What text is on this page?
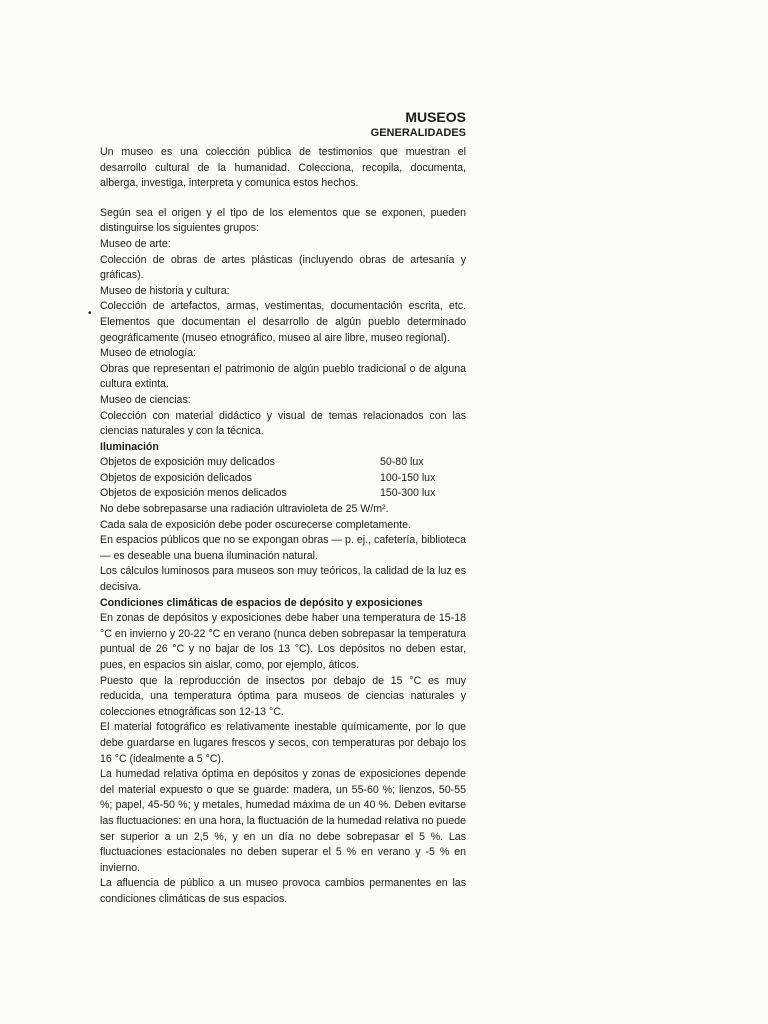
•

MUSEOS

GENERALIDADES

Un museo es una colección pública de testimonios que muestran el desarrollo cultural de la humanidad. Colecciona, recopila, documenta, alberga, investiga, interpreta y comunica estos hechos.

Según sea el origen y el tipo de los elementos que se exponen, pueden distinguirse los siguientes grupos:

Museo de arte:

Colección de obras de artes plásticas (incluyendo obras de artesanía y gráficas).

Museo de historia y cultura:

Colección de artefactos, armas, vestimentas, documentación escrita, etc. Elementos que documentan el desarrollo de algún pueblo determinado geográficamente (museo etnográfico, museo al aire libre, museo regional).

Museo de etnología:

Obras que representan el patrimonio de algún pueblo tradicional o de alguna cultura extinta.

Museo de ciencias:

Colección con material didáctico y visual de temas relacionados con las ciencias naturales y con la técnica.

Iluminación

Objetos de exposición muy delicados	50-80 lux
Objetos de exposición delicados	100-150 lux
Objetos de exposición menos delicados	150-300 lux

No debe sobrepasarse una radiación ultravioleta de 25 W/m².

Cada sala de exposición debe poder oscurecerse completamente.

En espacios públicos que no se expongan obras — p. ej., cafetería, biblioteca— es deseable una buena iluminación natural.

Los cálculos luminosos para museos son muy teóricos, la calidad de la luz es decisiva.

Condiciones climáticas de espacios de depósito y exposiciones

En zonas de depósitos y exposiciones debe haber una temperatura de 15-18 °C en invierno y 20-22 °C en verano (nunca deben sobrepasar la temperatura puntual de 26 °C y no bajar de los 13 °C). Los depósitos no deben estar, pues, en espacios sin aislar, como, por ejemplo, áticos.

Puesto que la reproducción de insectos por debajo de 15 °C es muy reducida, una temperatura óptima para museos de ciencias naturales y colecciones etnográficas son 12-13 °C.

El material fotográfico es relativamente inestable químicamente, por lo que debe guardarse en lugares frescos y secos, con temperaturas por debajo los 16 °C (idealmente a 5 °C).

La humedad relativa óptima en depósitos y zonas de exposiciones depende del material expuesto o que se guarde: madera, un 55-60 %; lienzos, 50-55 %; papel, 45-50 %; y metales, humedad máxima de un 40 %. Deben evitarse las fluctuaciones: en una hora, la fluctuación de la humedad relativa no puede ser superior a un 2,5 %, y en un día no debe sobrepasar el 5 %. Las fluctuaciones estacionales no deben superar el 5 % en verano y -5 % en invierno.

La afluencia de público a un museo provoca cambios permanentes en las condiciones climáticas de sus espacios.
